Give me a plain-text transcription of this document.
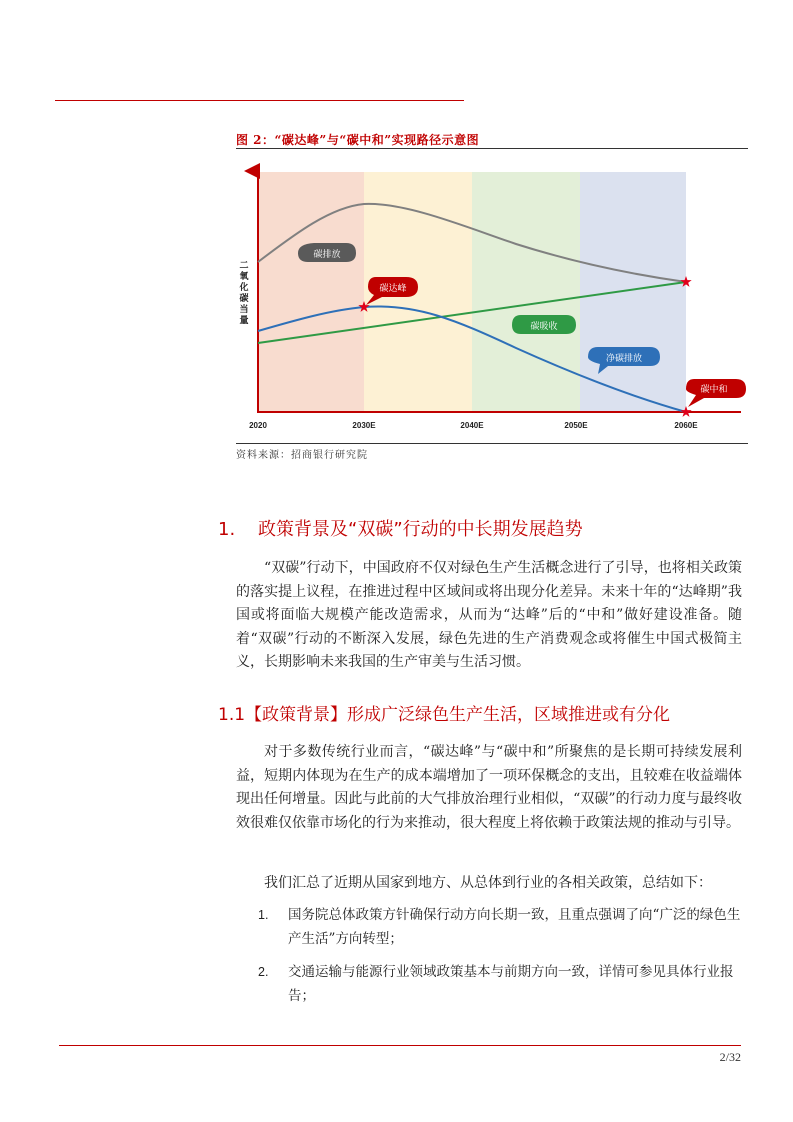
图 2：“碳达峰”与“碳中和”实现路径示意图
二
氧
化
碳
当
量
碳排放
碳达峰
碳吸收
净碳排放
碳中和
2020	2030E	2040E	2050E	2060E
资料来源：招商银行研究院
1. 政策背景及“双碳”行动的中长期发展趋势
“双碳”行动下，中国政府不仅对绿色生产生活概念进行了引导，也将相关政策的落实提上议程，在推进过程中区域间或将出现分化差异。未来十年的“达峰期”我国或将面临大规模产能改造需求，从而为“达峰”后的“中和”做好建设准备。随着“双碳”行动的不断深入发展，绿色先进的生产消费观念或将催生中国式极简主义，长期影响未来我国的生产审美与生活习惯。
1.1【政策背景】形成广泛绿色生产生活，区域推进或有分化
对于多数传统行业而言，“碳达峰”与“碳中和”所聚焦的是长期可持续发展利益，短期内体现为在生产的成本端增加了一项环保概念的支出，且较难在收益端体现出任何增量。因此与此前的大气排放治理行业相似，“双碳”的行动力度与最终收效很难仅依靠市场化的行为来推动，很大程度上将依赖于政策法规的推动与引导。
我们汇总了近期从国家到地方、从总体到行业的各相关政策，总结如下：
1.	国务院总体政策方针确保行动方向长期一致，且重点强调了向“广泛的绿色生产生活”方向转型；
2.	交通运输与能源行业领域政策基本与前期方向一致，详情可参见具体行业报告；
2/32
